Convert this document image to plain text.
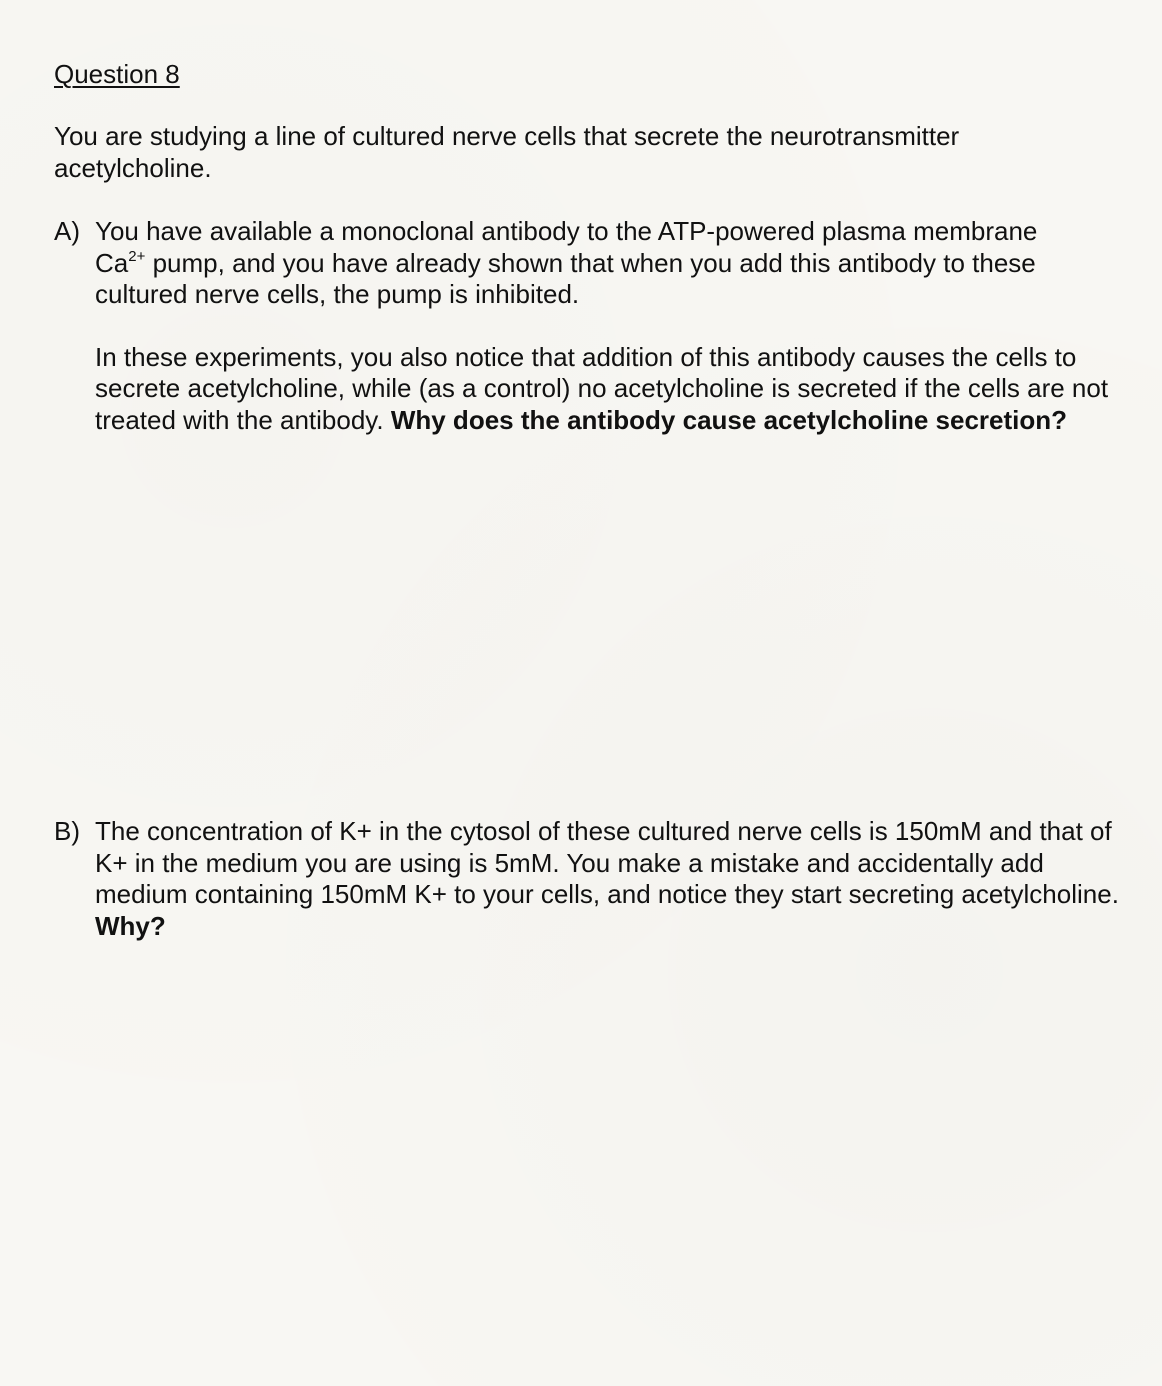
Question 8
You are studying a line of cultured nerve cells that secrete the neurotransmitter acetylcholine.
A) You have available a monoclonal antibody to the ATP-powered plasma membrane
$Ca^{2+}$ pump, and you have already shown that when you add this antibody to these cultured nerve cells, the pump is inhibited.
In these experiments, you also notice that addition of this antibody causes the cells to secrete acetylcholine, while (as a control) no acetylcholine is secreted if the cells are not treated with the antibody. Why does the antibody cause acetylcholine secretion?
B) The concentration of K+ in the cytosol of these cultured nerve cells is 150mM and that of K+ in the medium you are using is 5mM. You make a mistake and accidentally add medium containing 150mM K+ to your cells, and notice they start secreting acetylcholine. Why?
